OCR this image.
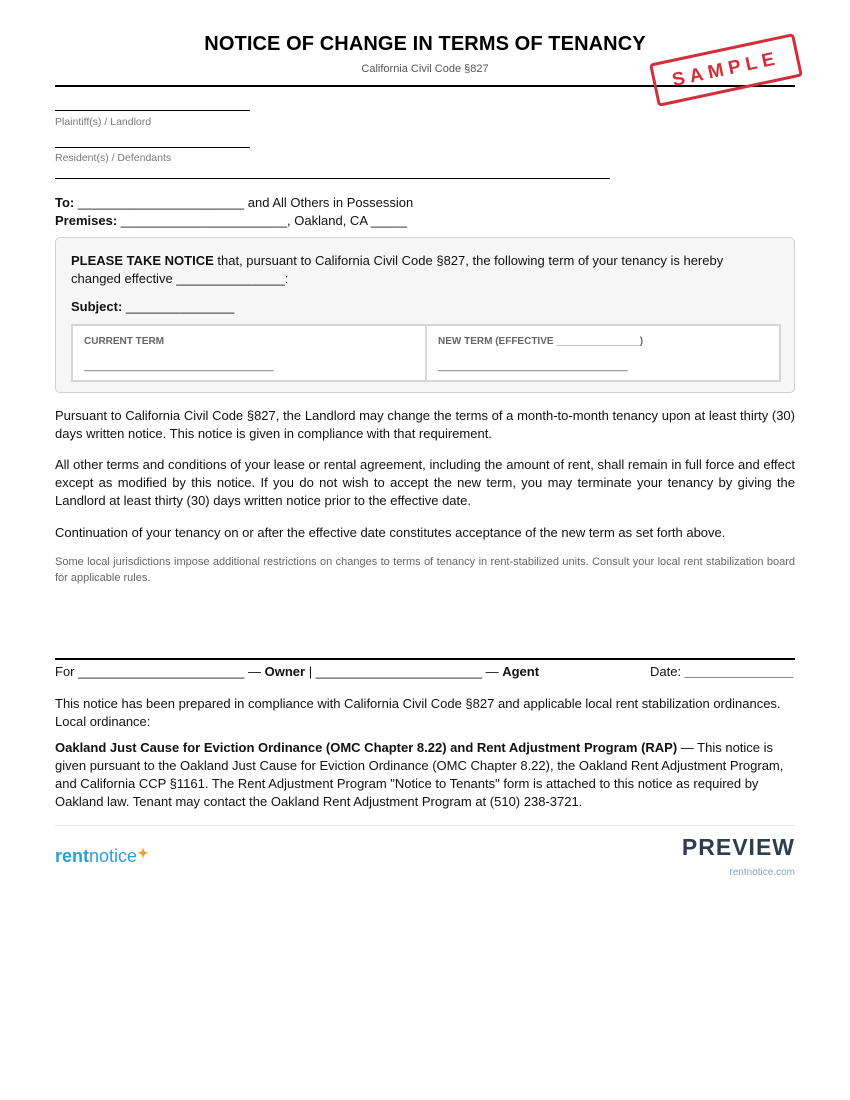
NOTICE OF CHANGE IN TERMS OF TENANCY
California Civil Code §827	SAMPLE
Plaintiff(s) / Landlord
Resident(s) / Defendants
To: _______________________ and All Others in Possession
Premises: _______________________, Oakland, CA _____
PLEASE TAKE NOTICE that, pursuant to California Civil Code §827, the following term of your tenancy is hereby changed effective _______________:
Subject: _______________
CURRENT TERM
_______________________________
NEW TERM (EFFECTIVE _______________)
_______________________________
Pursuant to California Civil Code §827, the Landlord may change the terms of a month-to-month tenancy upon at least thirty (30) days written notice. This notice is given in compliance with that requirement.
All other terms and conditions of your lease or rental agreement, including the amount of rent, shall remain in full force and effect except as modified by this notice. If you do not wish to accept the new term, you may terminate your tenancy by giving the Landlord at least thirty (30) days written notice prior to the effective date.
Continuation of your tenancy on or after the effective date constitutes acceptance of the new term as set forth above.
Some local jurisdictions impose additional restrictions on changes to terms of tenancy in rent-stabilized units. Consult your local rent stabilization board for applicable rules.
For _______________________ — Owner | _______________________ — Agent	Date: _______________
This notice has been prepared in compliance with California Civil Code §827 and applicable local rent stabilization ordinances. Local ordinance:
Oakland Just Cause for Eviction Ordinance (OMC Chapter 8.22) and Rent Adjustment Program (RAP) — This notice is given pursuant to the Oakland Just Cause for Eviction Ordinance (OMC Chapter 8.22), the Oakland Rent Adjustment Program, and California CCP §1161. The Rent Adjustment Program "Notice to Tenants" form is attached to this notice as required by Oakland law. Tenant may contact the Oakland Rent Adjustment Program at (510) 238-3721.
rentnotice✦	PREVIEW
rentnotice.com
